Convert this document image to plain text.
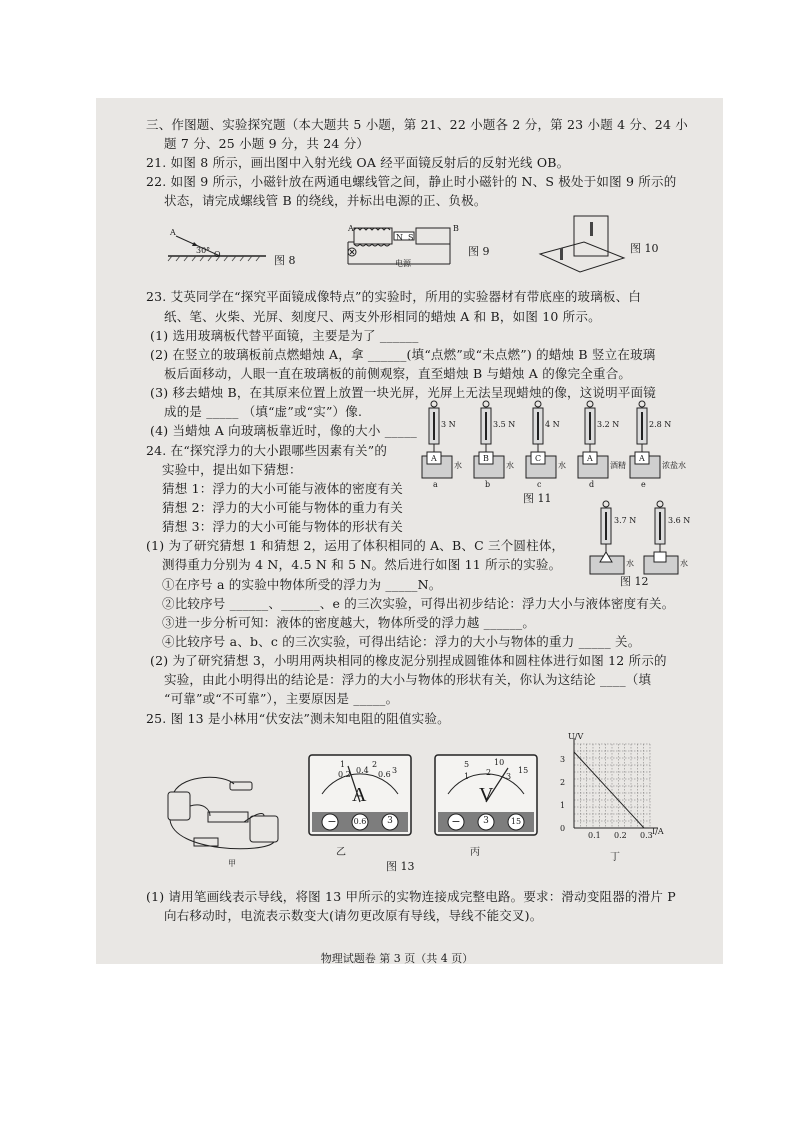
三、作图题、实验探究题（本大题共 5 小题，第 21、22 小题各 2 分，第 23 小题 4 分、24 小
题 7 分、25 小题 9 分，共 24 分）
21. 如图 8 所示，画出图中入射光线 OA 经平面镜反射后的反射光线 OB。
22. 如图 9 所示，小磁针放在两通电螺线管之间，静止时小磁针的 N、S 极处于如图 9 所示的
状态，请完成螺线管 B 的绕线，并标出电源的正、负极。
23. 艾英同学在“探究平面镜成像特点”的实验时，所用的实验器材有带底座的玻璃板、白
纸、笔、火柴、光屏、刻度尺、两支外形相同的蜡烛 A 和 B，如图 10 所示。
(1) 选用玻璃板代替平面镜，主要是为了 ______
(2) 在竖立的玻璃板前点燃蜡烛 A，拿 ______(填“点燃”或“未点燃”) 的蜡烛 B 竖立在玻璃
板后面移动，人眼一直在玻璃板的前侧观察，直至蜡烛 B 与蜡烛 A 的像完全重合。
(3) 移去蜡烛 B，在其原来位置上放置一块光屏，光屏上无法呈现蜡烛的像，这说明平面镜
成的是 _____ （填“虚”或“实”）像.
(4) 当蜡烛 A 向玻璃板靠近时，像的大小 _____
24. 在“探究浮力的大小跟哪些因素有关”的
实验中，提出如下猜想：
猜想 1：浮力的大小可能与液体的密度有关
猜想 2：浮力的大小可能与物体的重力有关
猜想 3：浮力的大小可能与物体的形状有关
(1) 为了研究猜想 1 和猜想 2，运用了体积相同的 A、B、C 三个圆柱体，
测得重力分别为 4 N，4.5 N 和 5 N。然后进行如图 11 所示的实验。
①在序号 a 的实验中物体所受的浮力为 _____N。
②比较序号 ______、______、e 的三次实验，可得出初步结论：浮力大小与液体密度有关。
③进一步分析可知：液体的密度越大，物体所受的浮力越 ______。
④比较序号 a、b、c 的三次实验，可得出结论：浮力的大小与物体的重力 _____ 关。
(2) 为了研究猜想 3，小明用两块相同的橡皮泥分别捏成圆锥体和圆柱体进行如图 12 所示的
实验，由此小明得出的结论是：浮力的大小与物体的形状有关，你认为这结论 ____（填
“可靠”或“不可靠”），主要原因是 _____。
25. 图 13 是小林用“伏安法”测未知电阻的阻值实验。
(1) 请用笔画线表示导线，将图 13 甲所示的实物连接成完整电路。要求：滑动变阻器的滑片 P
向右移动时，电流表示数变大(请勿更改原有导线，导线不能交叉)。
A
O
30°
图 8
A	B
N S
电源
图 9	图 10
3 N
a
A
水
3.5 N
b
B
水
4 N
c
C
水
3.2 N
d
A
酒精
2.8 N
e
A
浓盐水
图 11
3.7 N
水
3.6 N
水
图 12
甲
0.2 0.4 0.6
1	2
3
A
−	0.6	3
乙
5	10
15
1 2 3
V
−	3	15
丙
U/V
I/A
3
2
1
0
0.1 0.2 0.3
丁
图 13
物理试题卷 第 3 页（共 4 页）
